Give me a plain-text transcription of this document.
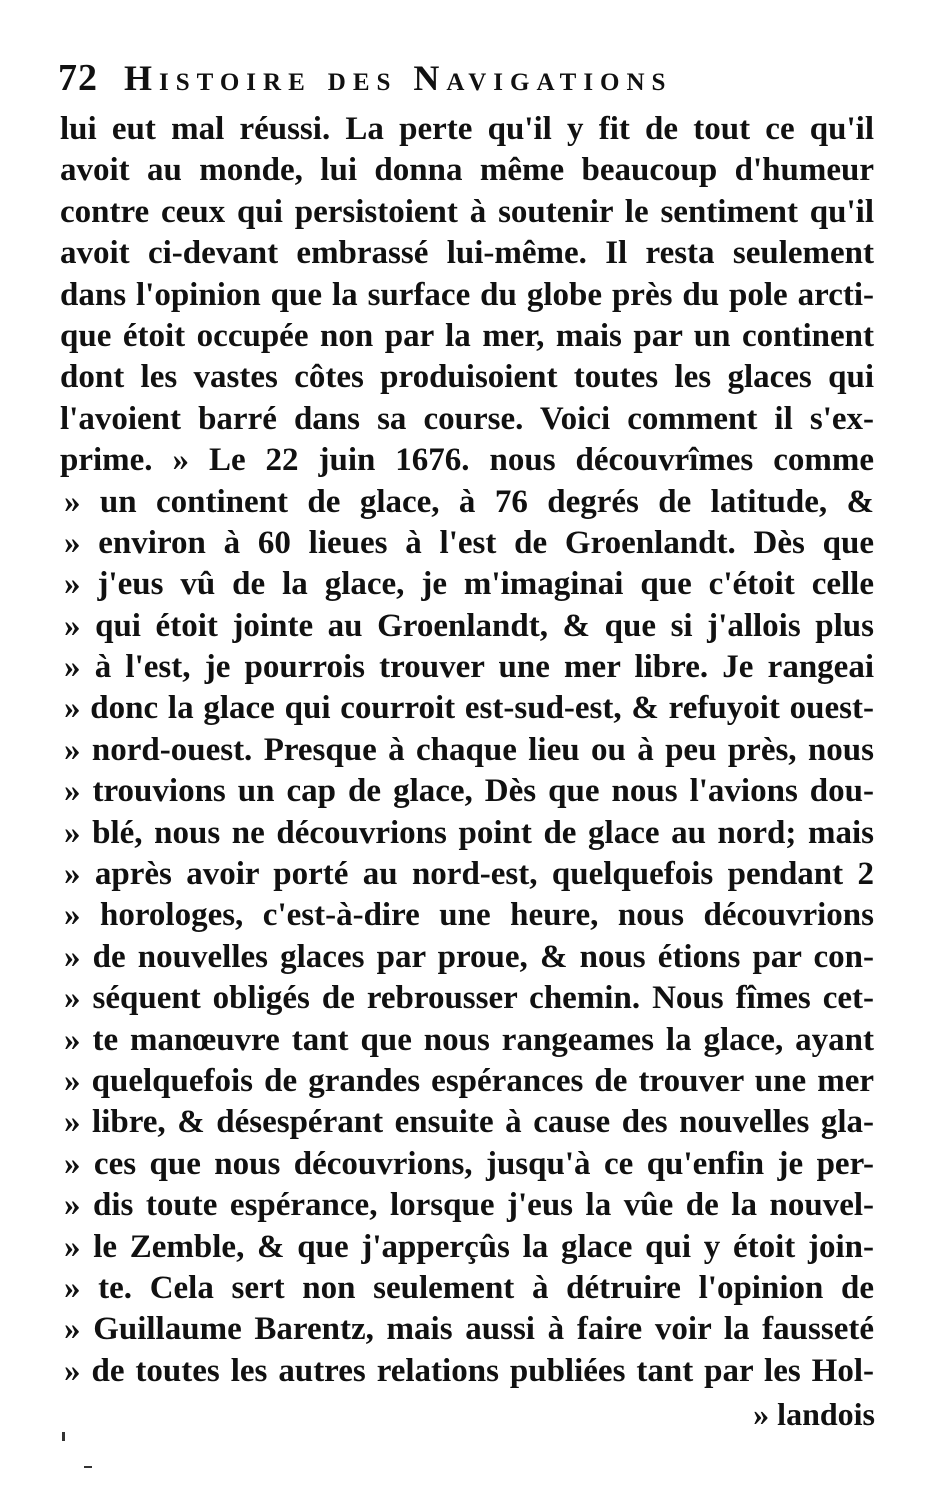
72 Histoire des Navigations
lui eut mal réussi. La perte qu'il y fit de tout ce qu'il
avoit au monde, lui donna même beaucoup d'humeur
contre ceux qui persistoient à soutenir le sentiment qu'il
avoit ci-devant embrassé lui-même. Il resta seulement
dans l'opinion que la surface du globe près du pole arcti-
que étoit occupée non par la mer, mais par un continent
dont les vastes côtes produisoient toutes les glaces qui
l'avoient barré dans sa course. Voici comment il s'ex-
prime. » Le 22 juin 1676. nous découvrîmes comme
» un continent de glace, à 76 degrés de latitude, &
» environ à 60 lieues à l'est de Groenlandt. Dès que
» j'eus vû de la glace, je m'imaginai que c'étoit celle
» qui étoit jointe au Groenlandt, & que si j'allois plus
» à l'est, je pourrois trouver une mer libre. Je rangeai
» donc la glace qui courroit est-sud-est, & refuyoit ouest-
» nord-ouest. Presque à chaque lieu ou à peu près, nous
» trouvions un cap de glace, Dès que nous l'avions dou-
» blé, nous ne découvrions point de glace au nord; mais
» après avoir porté au nord-est, quelquefois pendant 2
» horologes, c'est-à-dire une heure, nous découvrions
» de nouvelles glaces par proue, & nous étions par con-
» séquent obligés de rebrousser chemin. Nous fîmes cet-
» te manœuvre tant que nous rangeames la glace, ayant
» quelquefois de grandes espérances de trouver une mer
» libre, & désespérant ensuite à cause des nouvelles gla-
» ces que nous découvrions, jusqu'à ce qu'enfin je per-
» dis toute espérance, lorsque j'eus la vûe de la nouvel-
» le Zemble, & que j'apperçûs la glace qui y étoit join-
» te. Cela sert non seulement à détruire l'opinion de
» Guillaume Barentz, mais aussi à faire voir la fausseté
» de toutes les autres relations publiées tant par les Hol-
» landois
